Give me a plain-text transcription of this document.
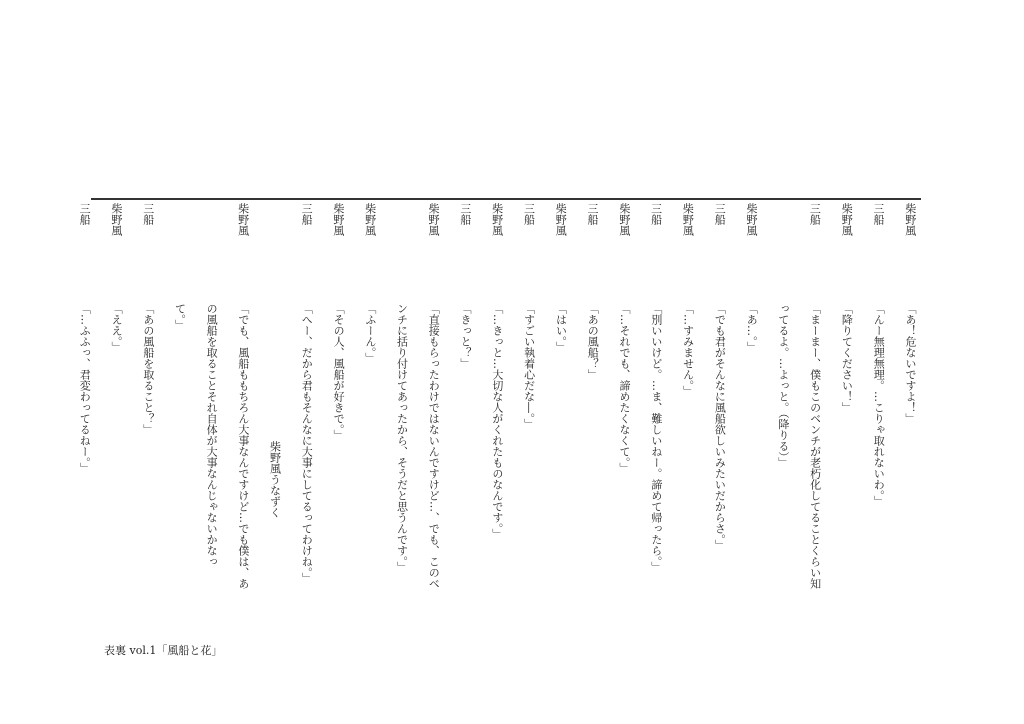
柴野風「あ！危ないですよ！」
三船「んー無理無理。…こりゃ取れないわ。」
柴野風「降りてください！」
三船「まーまー、僕もこのベンチが老朽化してることくらい知
ってるよ。…よっと。（降りる）」
柴野風「あ…。」
三船「でも君がそんなに風船欲しいみたいだからさ。」
柴野風「…すみません。」
三船「別いいけど。…ま、難しいねー。諦めて帰ったら。」
柴野風「…それでも、諦めたくなくて。」
三船「あの風船？」
柴野風「はい。」
三船「すごい執着心だな―。」
柴野風「…きっと…大切な人がくれたものなんです。」
三船「きっと？」
柴野風「直接もらったわけではないんですけど…、でも、このベ
ンチに括り付けてあったから、そうだと思うんです。」
柴野風「ふーん。」
柴野風「その人、風船が好きで。」
三船「へー、だから君もそんなに大事にしてるってわけね。」
柴野風うなずく
柴野風「でも、風船ももちろん大事なんですけど…でも僕は、あ
の風船を取ることそれ自体が大事なんじゃないかなっ
て。」
三船「あの風船を取ること？」
柴野風「ええ。」
三船「…ふふっ、君変わってるねー。」
表裏 vol.1「風船と花」
